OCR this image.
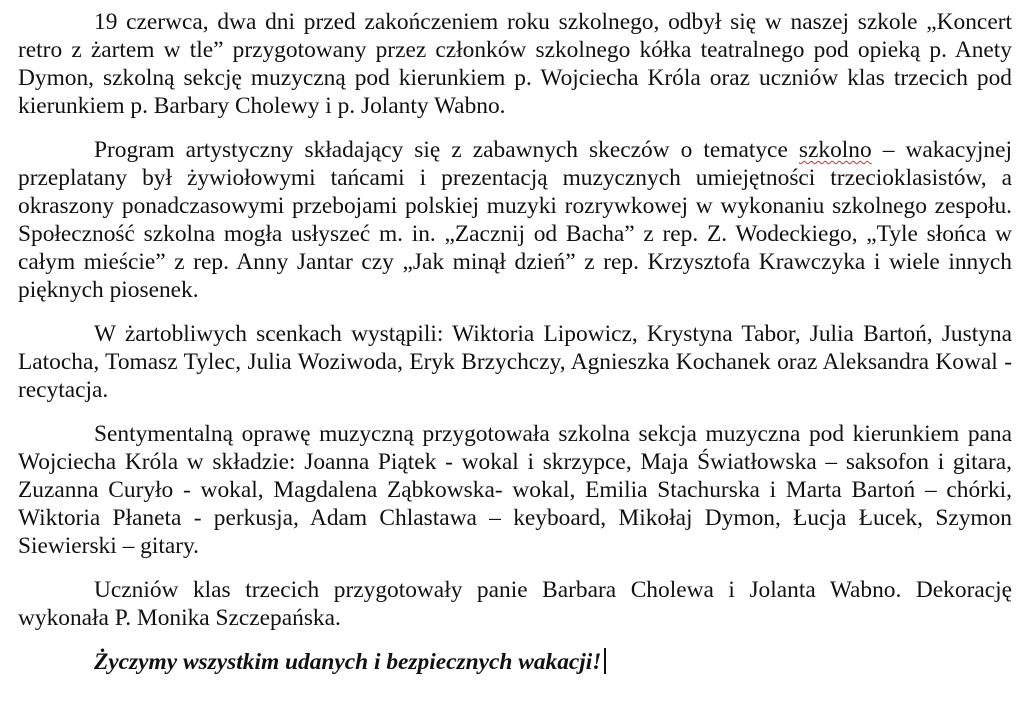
19 czerwca, dwa dni przed zakończeniem roku szkolnego, odbył się w naszej szkole „Koncert retro z żartem w tle” przygotowany przez członków szkolnego kółka teatralnego pod opieką p. Anety Dymon, szkolną sekcję muzyczną pod kierunkiem p. Wojciecha Króla oraz uczniów klas trzecich pod kierunkiem p. Barbary Cholewy i p. Jolanty Wabno.

Program artystyczny składający się z zabawnych skeczów o tematyce szkolno – wakacyjnej przeplatany był żywiołowymi tańcami i prezentacją muzycznych umiejętności trzecioklasistów, a okraszony ponadczasowymi przebojami polskiej muzyki rozrywkowej w wykonaniu szkolnego zespołu. Społeczność szkolna mogła usłyszeć m. in. „Zacznij od Bacha” z rep. Z. Wodeckiego, „Tyle słońca w całym mieście” z rep. Anny Jantar czy „Jak minął dzień” z rep. Krzysztofa Krawczyka i wiele innych pięknych piosenek.

W żartobliwych scenkach wystąpili: Wiktoria Lipowicz, Krystyna Tabor, Julia Bartoń, Justyna Latocha, Tomasz Tylec, Julia Woziwoda, Eryk Brzychczy, Agnieszka Kochanek oraz Aleksandra Kowal - recytacja.

Sentymentalną oprawę muzyczną przygotowała szkolna sekcja muzyczna pod kierunkiem pana Wojciecha Króla w składzie: Joanna Piątek - wokal i skrzypce, Maja Światłowska – saksofon i gitara, Zuzanna Curyło - wokal, Magdalena Ząbkowska- wokal, Emilia Stachurska i Marta Bartoń – chórki, Wiktoria Płaneta - perkusja, Adam Chlastawa – keyboard, Mikołaj Dymon, Łucja Łucek, Szymon Siewierski – gitary.

Uczniów klas trzecich przygotowały panie Barbara Cholewa i Jolanta Wabno. Dekorację wykonała P. Monika Szczepańska.

Życzymy wszystkim udanych i bezpiecznych wakacji!
